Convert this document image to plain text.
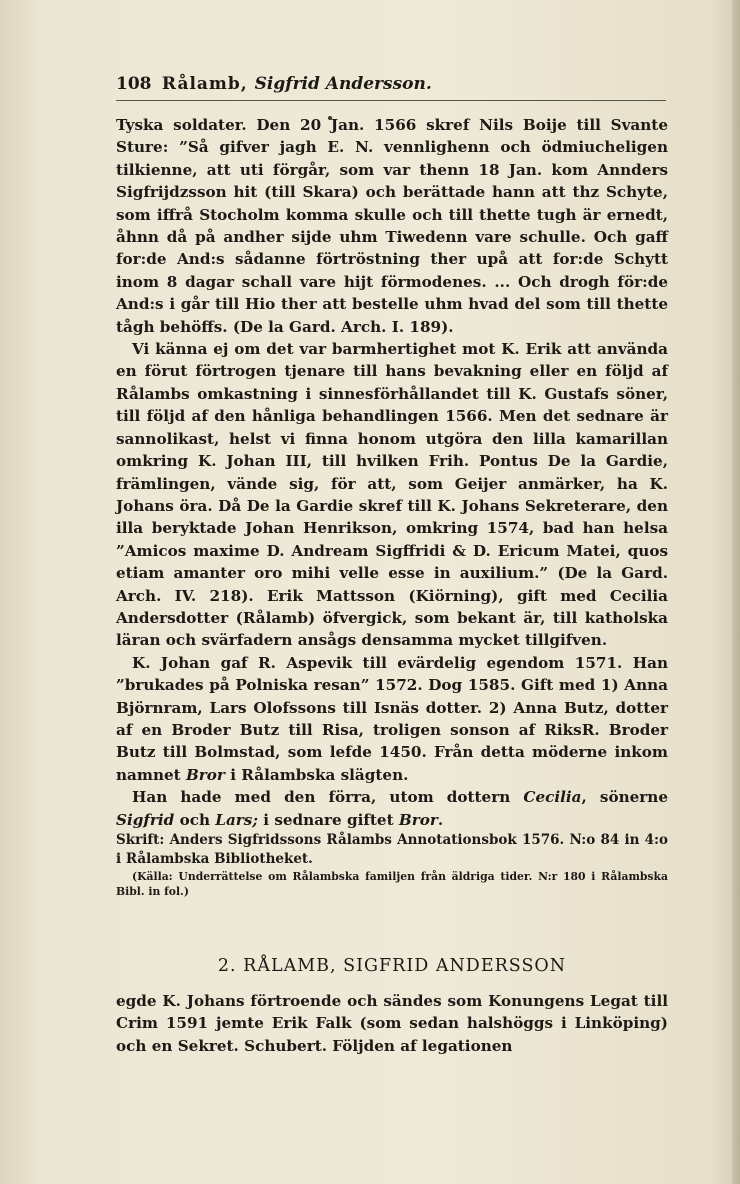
108 Rålamb, Sigfrid Andersson.

Tyska soldater. Den 20 Jan. 1566 skref Nils Boije till Svante Sture: ”Så gifver jagh E. N. vennlighenn och ödmiucheligen tilkienne, att uti förgår, som var thenn 18 Jan. kom Annders Sigfrijdzsson hit (till Skara) och berättade hann att thz Schyte, som iffrå Stocholm komma skulle och till thette tugh är ernedt, åhnn då på andher sijde uhm Tiwedenn vare schulle. Och gaff for:de And:s sådanne förtröstning ther upå att for:de Schytt inom 8 dagar schall vare hijt förmodenes. ... Och drogh för:de And:s i går till Hio ther att bestelle uhm hvad del som till thette tågh behöffs. (De la Gard. Arch. I. 189).

Vi känna ej om det var barmhertighet mot K. Erik att använda en förut förtrogen tjenare till hans bevakning eller en följd af Rålambs omkastning i sinnesförhållandet till K. Gustafs söner, till följd af den hånliga behandlingen 1566. Men det sednare är sannolikast, helst vi finna honom utgöra den lilla kamarillan omkring K. Johan III, till hvilken Frih. Pontus De la Gardie, främlingen, vände sig, för att, som Geijer anmärker, ha K. Johans öra. Då De la Gardie skref till K. Johans Sekreterare, den illa beryktade Johan Henrikson, omkring 1574, bad han helsa ”Amicos maxime D. Andream Sigffridi & D. Ericum Matei, quos etiam amanter oro mihi velle esse in auxilium.” (De la Gard. Arch. IV. 218). Erik Mattsson (Kiörning), gift med Cecilia Andersdotter (Rålamb) öfvergick, som bekant är, till katholska läran och svärfadern ansågs densamma mycket tillgifven.

K. Johan gaf R. Aspevik till evärdelig egendom 1571. Han ”brukades på Polniska resan” 1572. Dog 1585. Gift med 1) Anna Björnram, Lars Olofssons till Isnäs dotter. 2) Anna Butz, dotter af en Broder Butz till Risa, troligen sonson af RiksR. Broder Butz till Bolmstad, som lefde 1450. Från detta möderne inkom namnet Bror i Rålambska slägten.

Han hade med den förra, utom dottern Cecilia, sönerne Sigfrid och Lars; i sednare giftet Bror.

Skrift: Anders Sigfridssons Rålambs Annotationsbok 1576. N:o 84 in 4:o i Rålambska Bibliotheket.

(Källa: Underrättelse om Rålambska familjen från äldriga tider. N:r 180 i Rålambska Bibl. in fol.)

2. RÅLAMB, SIGFRID ANDERSSON
egde K. Johans förtroende och sändes som Konungens Legat till Crim 1591 jemte Erik Falk (som sedan halshöggs i Linköping) och en Sekret. Schubert. Följden af legationen
